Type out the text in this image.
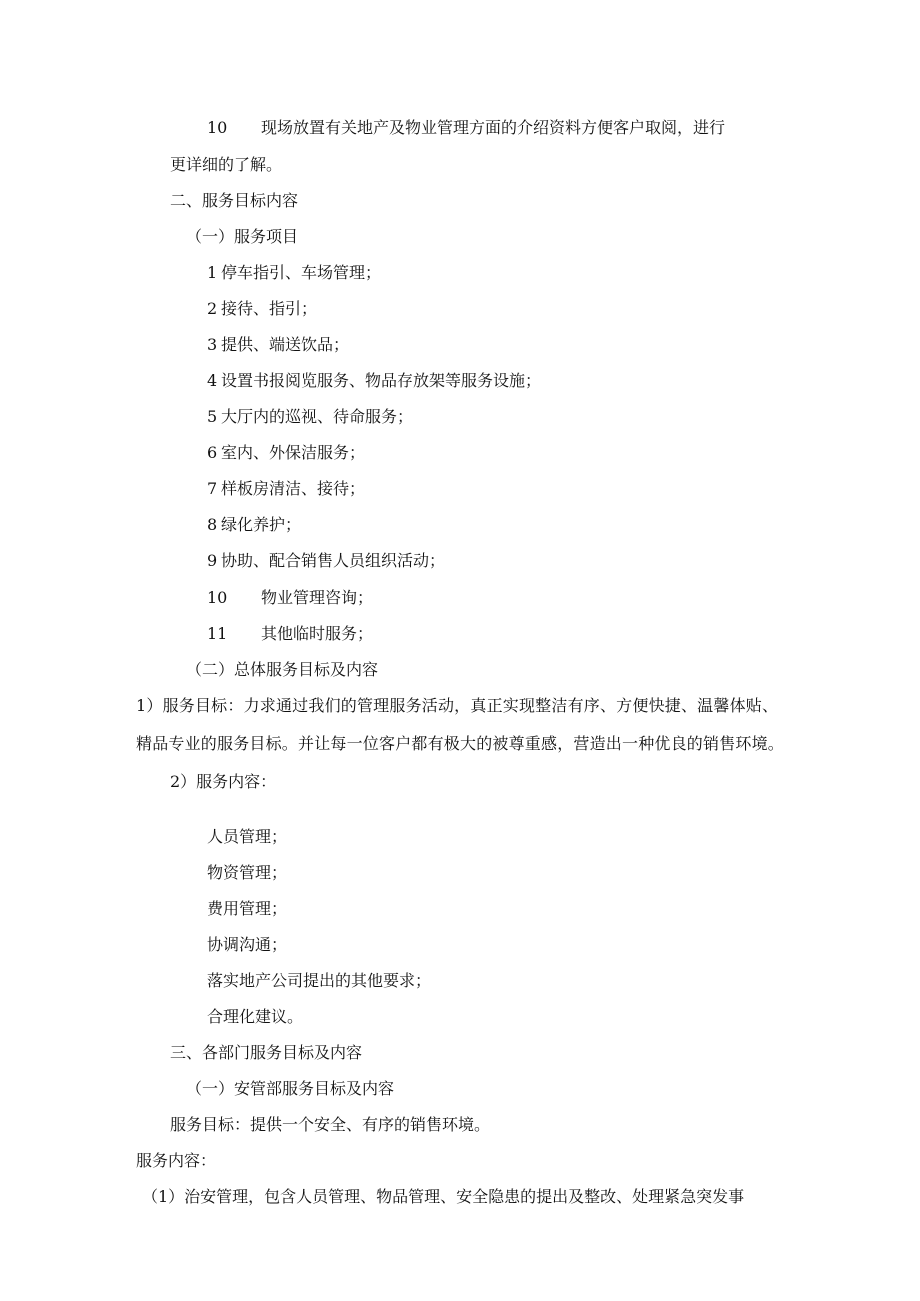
10 现场放置有关地产及物业管理方面的介绍资料方便客户取阅，进行
更详细的了解。
二、服务目标内容
（一）服务项目
1 停车指引、车场管理；
2 接待、指引；
3 提供、端送饮品；
4 设置书报阅览服务、物品存放架等服务设施；
5 大厅内的巡视、待命服务；
6 室内、外保洁服务；
7 样板房清洁、接待；
8 绿化养护；
9 协助、配合销售人员组织活动；
10 物业管理咨询；
11 其他临时服务；
（二）总体服务目标及内容
1）服务目标：力求通过我们的管理服务活动，真正实现整洁有序、方便快捷、温馨体贴、
精品专业的服务目标。并让每一位客户都有极大的被尊重感，营造出一种优良的销售环境。
2）服务内容：
人员管理；
物资管理；
费用管理；
协调沟通；
落实地产公司提出的其他要求；
合理化建议。
三、各部门服务目标及内容
（一）安管部服务目标及内容
服务目标：提供一个安全、有序的销售环境。
服务内容：
（1）治安管理，包含人员管理、物品管理、安全隐患的提出及整改、处理紧急突发事
